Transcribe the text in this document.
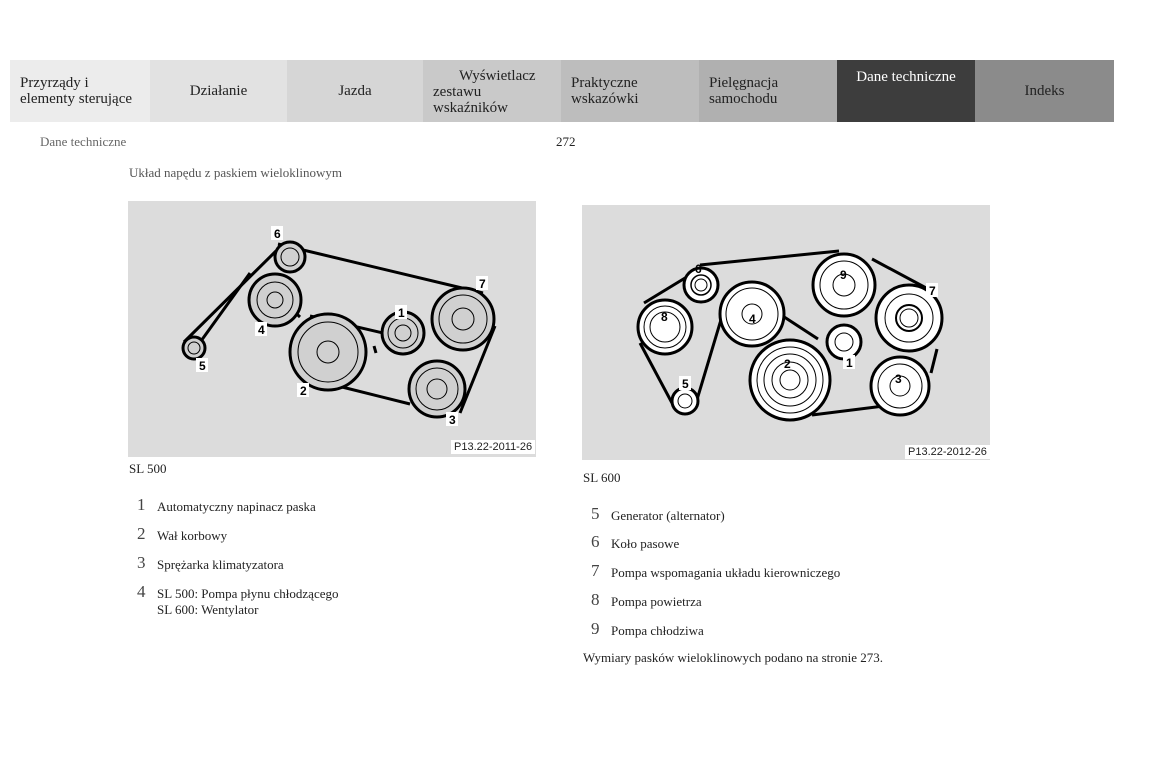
Przyrządy i elementy sterujące	Działanie	Jazda
Wyświetlacz zestawu wskaźników
Praktyczne wskazówki
Pielęgnacja samochodu
Dane techniczne
Indeks
Dane techniczne	272
Układ napędu z paskiem wieloklinowym
6
1
7
4
5
2
3
P13.22-2011-26
SL 500
6
8
5
4
9
7
1
2
3
P13.22-2012-26
SL 600
1 Automatyczny napinacz paska
2 Wał korbowy
3 Sprężarka klimatyzatora
4 SL 500: Pompa płynu chłodzącego
SL 600: Wentylator
5 Generator (alternator)
6 Koło pasowe
7 Pompa wspomagania układu kierowniczego
8 Pompa powietrza
9 Pompa chłodziwa
Wymiary pasków wieloklinowych podano na stronie 273.
